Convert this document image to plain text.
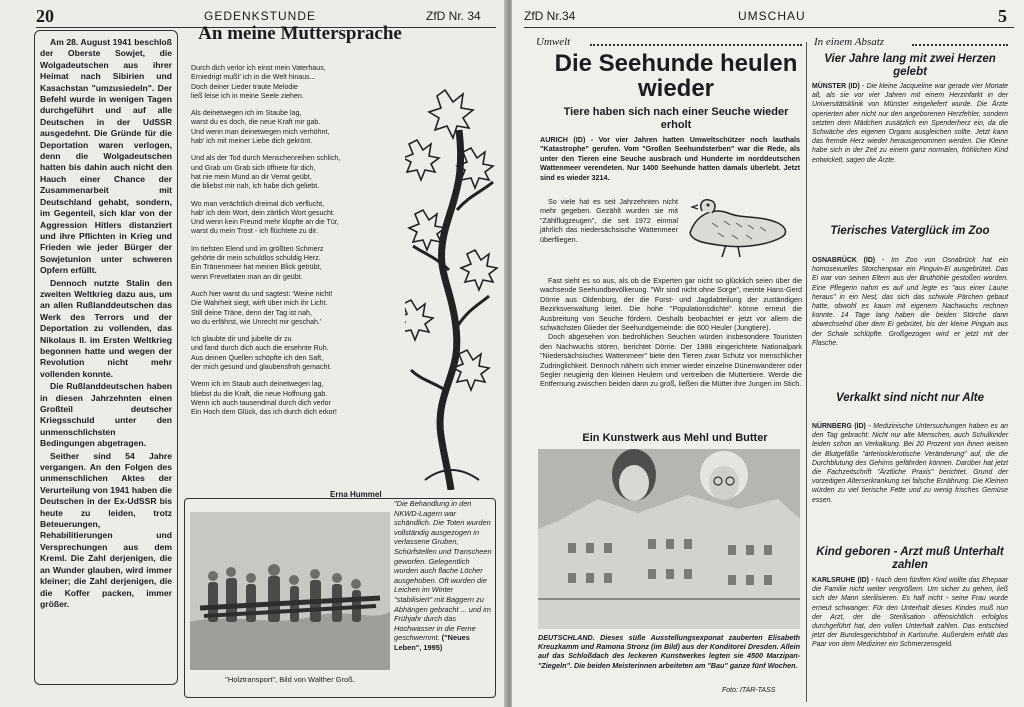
20	GEDENKSTUNDE	ZfD Nr. 34

Am 28. August 1941 beschloß der Oberste Sowjet, die Wolgadeutschen aus ihrer Heimat nach Sibirien und Kasachstan "umzusiedeln". Der Befehl wurde in wenigen Tagen durchgeführt und auf alle Deutschen in der UdSSR ausgedehnt. Die Gründe für die Deportation waren verlogen, denn die Wolgadeutschen hatten bis dahin auch nicht den Hauch einer Chance der Zusammenarbeit mit Deutschland gehabt, sondern, im Gegenteil, sich klar von der Aggression Hitlers distanziert und ihre Pflichten in Krieg und Frieden wie jeder Bürger der Sowjetunion unter schweren Opfern erfüllt.

Dennoch nutzte Stalin den zweiten Weltkrieg dazu aus, um an allen Rußlanddeutschen das Werk des Terrors und der Deportation zu vollenden, das Nikolaus II. im Ersten Weltkrieg begonnen hatte und wegen der Revolution nicht mehr vollenden konnte.

Die Rußlanddeutschen haben in diesen Jahrzehnten einen Großteil deutscher Kriegsschuld unter den unmenschlichsten Bedingungen abgetragen.

Seither sind 54 Jahre vergangen. An den Folgen des unmenschlichen Aktes der Verurteilung von 1941 haben die Deutschen in der Ex-UdSSR bis heute zu leiden, trotz Beteuerungen, Rehabilitierungen und Versprechungen aus dem Kreml. Die Zahl derjenigen, die an Wunder glauben, wird immer kleiner; die Zahl derjenigen, die die Koffer packen, immer größer.

An meine Muttersprache
Durch dich verlor ich einst mein Vaterhaus,
Erniedrigt mußt' ich in die Welt hinaus...
Doch deiner Lieder traute Melodie
ließ leise ich in meine Seele ziehen.
Als deinetwegen ich im Staube lag,
warst du es doch, die neue Kraft mir gab.
Und wenn man deinetwegen mich verhöhnt,
hab' ich mit meiner Liebe dich gekrönt.
Und als der Tod durch Menschenreihen schlich,
und Grab um Grab sich öffnete für dich,
hat nie mein Mund an dir Verrat geübt,
die bliebst mir nah, ich habe dich geliebt.
Wo man verächtlich dreimal dich verflucht,
hab' ich dein Wort, dein zärtlich Wort gesucht.
Und wenn kein Freund mehr klopfte an die Tür,
warst du mein Trost - ich flüchtete zu dir.
Im tiefsten Elend und im größten Schmerz
gehörte dir mein schuldlos schuldig Herz.
Ein Tränenmeer hat meinen Blick getrübt,
wenn Freveltaten man an dir geübt.
Auch hier warst du und sagtest: 'Weine nicht!
Die Wahrheit siegt, wirft über mich ihr Licht.
Still deine Träne, denn der Tag ist nah,
wo du erfährst, wie Unrecht mir geschah.'
Ich glaubte dir und jubelte dir zu
und fand durch dich auch die ersehnte Ruh.
Aus deinen Quellen schöpfte ich den Saft,
der mich gesund und glaubensfroh gemacht.
Wenn ich im Staub auch deinetwegen lag,
bliebst du die Kraft, die neue Hoffnung gab.
Wenn ich auch tausendmal durch dich verlor
Ein Hoch dem Glück, das ich durch dich erkor!
Erna Hummel
"Holztransport", Bild von Walther Groß.
"Die Behandlung in den NKWD-Lagern war schändlich. Die Toten wurden vollständig ausgezogen in verlassene Gruben, Schürfstellen und Transcheen geworfen. Gelegentlich wurden auch flache Löcher ausgehoben. Oft wurden die Leichen im Winter "stabilisiert" mit Baggern zu Abhängen gebracht ... und im Frühjahr durch das Hochwasser in die Ferne geschwemmt. ("Neues Leben", 1995)
ZfD Nr.34	UMSCHAU	5
Umwelt	In einem Absatz
Die Seehunde heulen wieder
Tiere haben sich nach einer Seuche wieder erholt
AURICH (ID) - Vor vier Jahren hatten Umweltschützer noch lauthals "Katastrophe" gerufen. Vom "Großen Seehundsterben" war die Rede, als unter den Tieren eine Seuche ausbrach und Hunderte im norddeutschen Wattenmeer verendeten. Nur 1400 Seehunde hatten damals überlebt. Jetzt sind es wieder 3214.

So viele hat es seit Jahrzehnten nicht mehr gegeben. Gezählt wurden sie mit "Zählflugzeugen", die seit 1972 einmal jährlich das niedersächsische Wattenmeer überfliegen.

Fast sieht es so aus, als ob die Experten gar nicht so glücklich seien über die wachsende Seehundbevölkerung. "Wir sind nicht ohne Sorge", meinte Hans-Gerd Dörrie aus Oldenburg, der die Forst- und Jagdabteilung der zuständigen Bezirksverwaltung leitet. Die hohe "Populationsdichte" könne erneut die Ausbreitung von Seuche fördern. Deshalb beobachtet er jetzt vor allem die schwächsten Glieder der Seehundgemeinde: die 600 Heuler (Jungtiere).

Doch abgesehen von bedrohlichen Seuchen würden insbesondere Touristen den Nachwuchs stören, berichtet Dörrie. Der 1986 eingerichtete Nationalpark "Niedersächsisches Wattenmeer" biete den Tieren zwar Schutz vor menschlicher Zudringlichkeit. Dennoch nähern sich immer wieder einzelne Dünenwanderer oder Segler neugierig den kleinen Heulern und vertreiben die Muttertiere. Werde die Entfernung zwischen beiden dann zu groß, ließen die Mütter ihre Jungen im Stich.

Ein Kunstwerk aus Mehl und Butter
DEUTSCHLAND. Dieses süße Ausstellungsexponat zauberten Elisabeth Kreuzkamm und Ramona Stronz (im Bild) aus der Konditorei Dresden. Allein auf das Schloßdach des leckeren Kunstwerkes legten sie 4500 Marzipan-"Ziegeln". Die beiden Meisterinnen arbeiteten am "Bau" ganze fünf Wochen.
Foto: ITAR-TASS
Vier Jahre lang mit zwei Herzen gelebt
MÜNSTER (ID) - Die kleine Jacqueline war gerade vier Monate alt, als sie vor vier Jahren mit einem Herzinfarkt in der Universitätsklinik von Münster eingeliefert wurde. Die Ärzte operierten aber nicht nur den angeborenen Herzfehler, sondern setzten dem Mädchen zusätzlich ein Spenderherz ein, da die Schwäche des eigenen Organs ausgleichen sollte. Jetzt kann das fremde Herz wieder herausgenommen werden. Die Kleine habe sich in der Zeit zu einem ganz normalen, fröhlichen Kind entwickelt, sagen die Ärzte.
Tierisches Vaterglück im Zoo
OSNABRÜCK (ID) - Im Zoo von Osnabrück hat ein homosexuelles Storchenpaar ein Pinguin-Ei ausgebrütet. Das Ei war von seinen Eltern aus der Bruthöhle gestoßen worden. Eine Pflegerin nahm es auf und legte es "aus einer Laune heraus" in ein Nest, das sich das schwule Pärchen gebaut hatte, obwohl es kaum mit eigenem Nachwuchs rechnen konnte. 14 Tage lang haben die beiden Störche dann abwechselnd über dem Ei gebrütet, bis der kleine Pinguin aus der Schale schlüpfte. Großgezogen wird er jetzt mit der Flasche.
Verkalkt sind nicht nur Alte
NÜRNBERG (ID) - Medizinische Untersuchungen haben es an den Tag gebracht: Nicht nur alte Menschen, auch Schulkinder leiden schon an Verkalkung. Bei 20 Prozent von ihnen weisen die Blutgefäße "arteriosklerotische Veränderung" auf, die die Durchblutung des Gehirns gefährden können. Darüber hat jetzt die Fachzeitschrift "Ärztliche Praxis" berichtet. Grund der vorzeitigen Alterserkrankung sei falsche Ernährung. Die Kleinen würden zu viel tierische Fette und zu wenig frisches Gemüse essen.
Kind geboren - Arzt muß Unterhalt zahlen
KARLSRUHE (ID) - Nach dem fünften Kind wollte das Ehepaar die Familie nicht weiter vergrößern. Um sicher zu gehen, ließ sich der Mann sterilisieren. Es half nicht - seine Frau wurde erneut schwanger. Für den Unterhalt dieses Kindes muß nun der Arzt, der die Sterilisation offensichtlich erfolglos durchgeführt hat, den vollen Unterhalt zahlen. Das entschied jetzt der Bundesgerichtshof in Karlsruhe. Außerdem erhält das Paar von dem Mediziner ein Schmerzensgeld.
